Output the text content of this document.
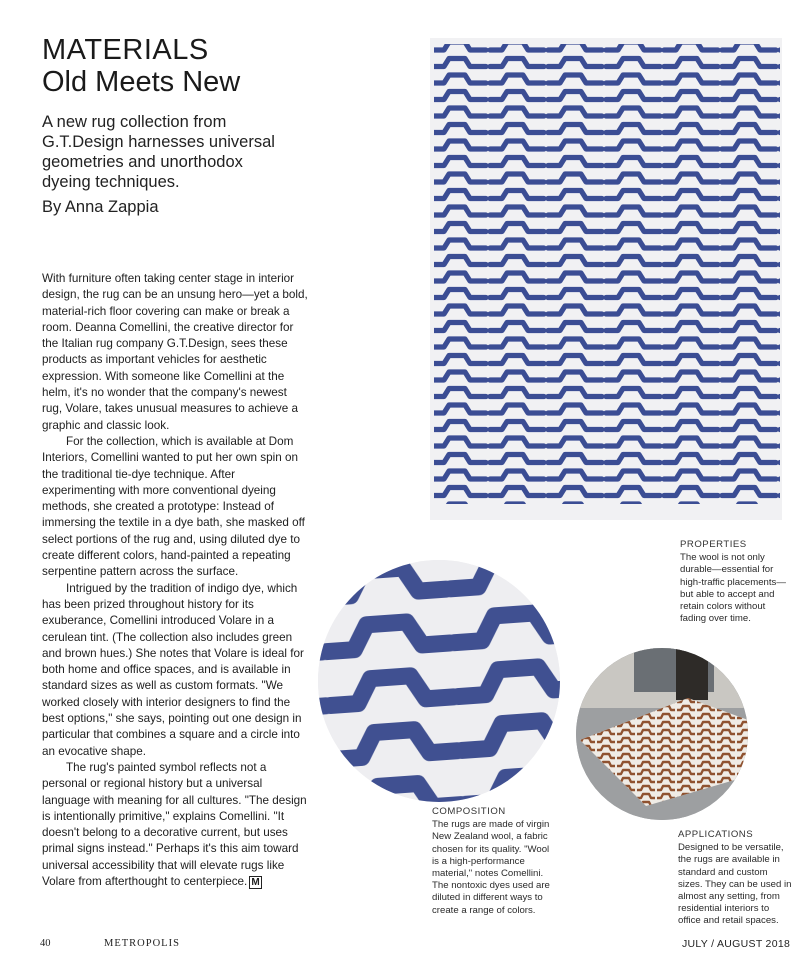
MATERIALS
Old Meets New
A new rug collection from G.T.Design harnesses universal geometries and unorthodox dyeing techniques.
By Anna Zappia

With furniture often taking center stage in interior design, the rug can be an unsung hero—yet a bold, material-rich floor covering can make or break a room. Deanna Comellini, the creative director for the Italian rug company G.T.Design, sees these products as important vehicles for aesthetic expression. With someone like Comellini at the helm, it's no wonder that the company's newest rug, Volare, takes unusual measures to achieve a graphic and classic look.

For the collection, which is available at Dom Interiors, Comellini wanted to put her own spin on the traditional tie-dye technique. After experimenting with more conventional dyeing methods, she created a prototype: Instead of immersing the textile in a dye bath, she masked off select portions of the rug and, using diluted dye to create different colors, hand-painted a repeating serpentine pattern across the surface.

Intrigued by the tradition of indigo dye, which has been prized throughout history for its exuberance, Comellini introduced Volare in a cerulean tint. (The collection also includes green and brown hues.) She notes that Volare is ideal for both home and office spaces, and is available in standard sizes as well as custom formats. "We worked closely with interior designers to find the best options," she says, pointing out one design in particular that combines a square and a circle into an evocative shape.

The rug's painted symbol reflects not a personal or regional history but a universal language with meaning for all cultures. "The design is intentionally primitive," explains Comellini. "It doesn't belong to a decorative current, but uses primal signs instead." Perhaps it's this aim toward universal accessibility that will elevate rugs like Volare from afterthought to centerpiece. M

PROPERTIES
The wool is not only durable—essential for high-traffic placements—but able to accept and retain colors without fading over time.
COMPOSITION
The rugs are made of virgin New Zealand wool, a fabric chosen for its quality. "Wool is a high-performance material," notes Comellini. The nontoxic dyes used are diluted in different ways to create a range of colors.
APPLICATIONS
Designed to be versatile, the rugs are available in standard and custom sizes. They can be used in almost any setting, from residential interiors to office and retail spaces.
40	METROPOLIS	JULY / AUGUST 2018
